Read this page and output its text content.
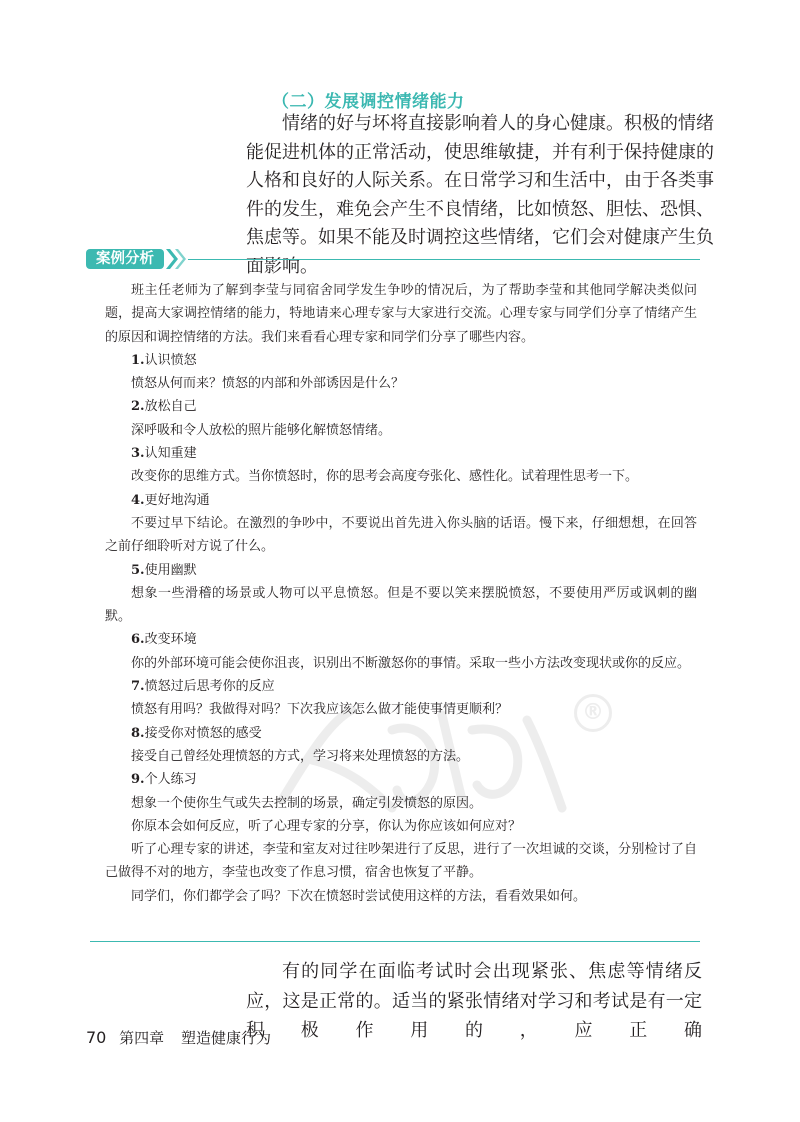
（二）发展调控情绪能力

情绪的好与坏将直接影响着人的身心健康。积极的情绪能促进机体的正常活动，使思维敏捷，并有利于保持健康的人格和良好的人际关系。在日常学习和生活中，由于各类事件的发生，难免会产生不良情绪，比如愤怒、胆怯、恐惧、焦虑等。如果不能及时调控这些情绪，它们会对健康产生负面影响。

案例分析
®

班主任老师为了解到李莹与同宿舍同学发生争吵的情况后，为了帮助李莹和其他同学解决类似问题，提高大家调控情绪的能力，特地请来心理专家与大家进行交流。心理专家与同学们分享了情绪产生的原因和调控情绪的方法。我们来看看心理专家和同学们分享了哪些内容。

1.认识愤怒

愤怒从何而来？愤怒的内部和外部诱因是什么？

2.放松自己

深呼吸和令人放松的照片能够化解愤怒情绪。

3.认知重建

改变你的思维方式。当你愤怒时，你的思考会高度夸张化、感性化。试着理性思考一下。

4.更好地沟通

不要过早下结论。在激烈的争吵中，不要说出首先进入你头脑的话语。慢下来，仔细想想，在回答之前仔细聆听对方说了什么。

5.使用幽默

想象一些滑稽的场景或人物可以平息愤怒。但是不要以笑来摆脱愤怒，不要使用严厉或讽刺的幽默。

6.改变环境

你的外部环境可能会使你沮丧，识别出不断激怒你的事情。采取一些小方法改变现状或你的反应。

7.愤怒过后思考你的反应

愤怒有用吗？我做得对吗？下次我应该怎么做才能使事情更顺利？

8.接受你对愤怒的感受

接受自己曾经处理愤怒的方式，学习将来处理愤怒的方法。

9.个人练习

想象一个使你生气或失去控制的场景，确定引发愤怒的原因。

你原本会如何反应，听了心理专家的分享，你认为你应该如何应对？

听了心理专家的讲述，李莹和室友对过往吵架进行了反思，进行了一次坦诚的交谈，分别检讨了自己做得不对的地方，李莹也改变了作息习惯，宿舍也恢复了平静。

同学们，你们都学会了吗？下次在愤怒时尝试使用这样的方法，看看效果如何。

有的同学在面临考试时会出现紧张、焦虑等情绪反应，这是正常的。适当的紧张情绪对学习和考试是有一定积极作用的，应正确

70 第四章 塑造健康行为
